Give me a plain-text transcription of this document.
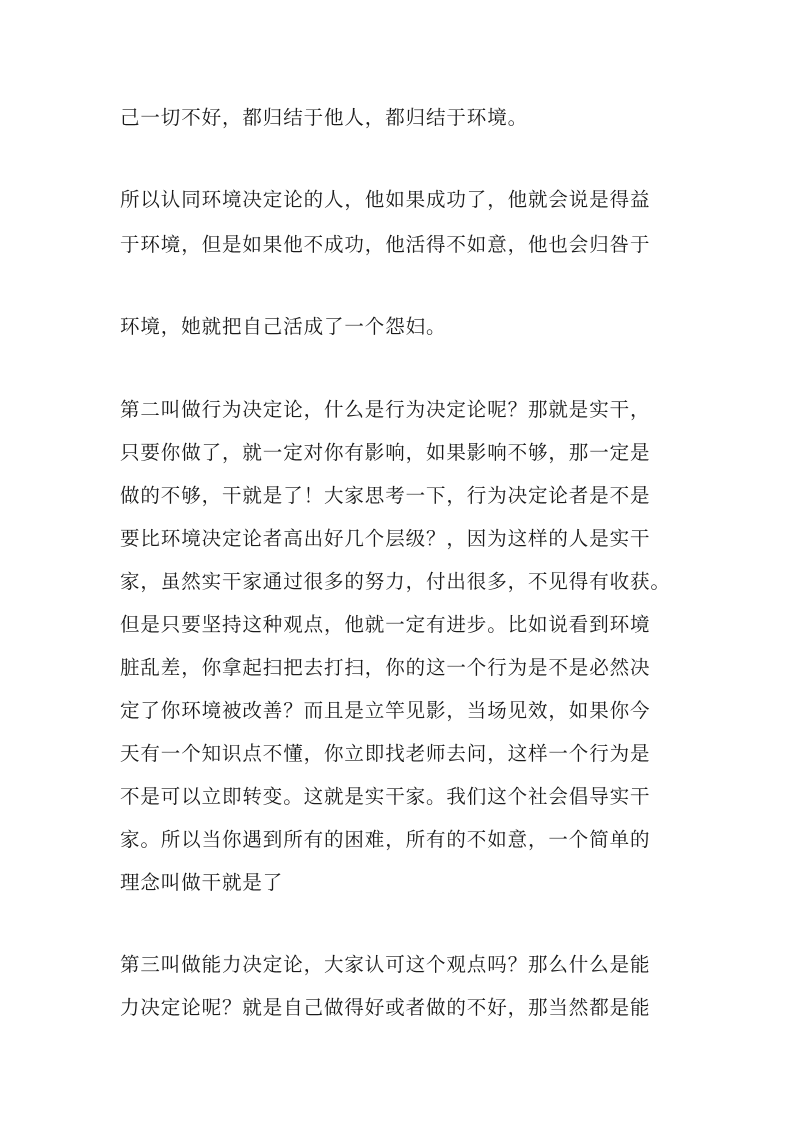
己一切不好，都归结于他人，都归结于环境。
所以认同环境决定论的人，他如果成功了，他就会说是得益
于环境，但是如果他不成功，他活得不如意，他也会归咎于
环境，她就把自己活成了一个怨妇。
第二叫做行为决定论，什么是行为决定论呢？那就是实干，
只要你做了，就一定对你有影响，如果影响不够，那一定是
做的不够，干就是了！大家思考一下，行为决定论者是不是
要比环境决定论者高出好几个层级？，因为这样的人是实干
家，虽然实干家通过很多的努力，付出很多，不见得有收获。
但是只要坚持这种观点，他就一定有进步。比如说看到环境
脏乱差，你拿起扫把去打扫，你的这一个行为是不是必然决
定了你环境被改善？而且是立竿见影，当场见效，如果你今
天有一个知识点不懂，你立即找老师去问，这样一个行为是
不是可以立即转变。这就是实干家。我们这个社会倡导实干
家。所以当你遇到所有的困难，所有的不如意，一个简单的
理念叫做干就是了
第三叫做能力决定论，大家认可这个观点吗？那么什么是能
力决定论呢？就是自己做得好或者做的不好，那当然都是能
